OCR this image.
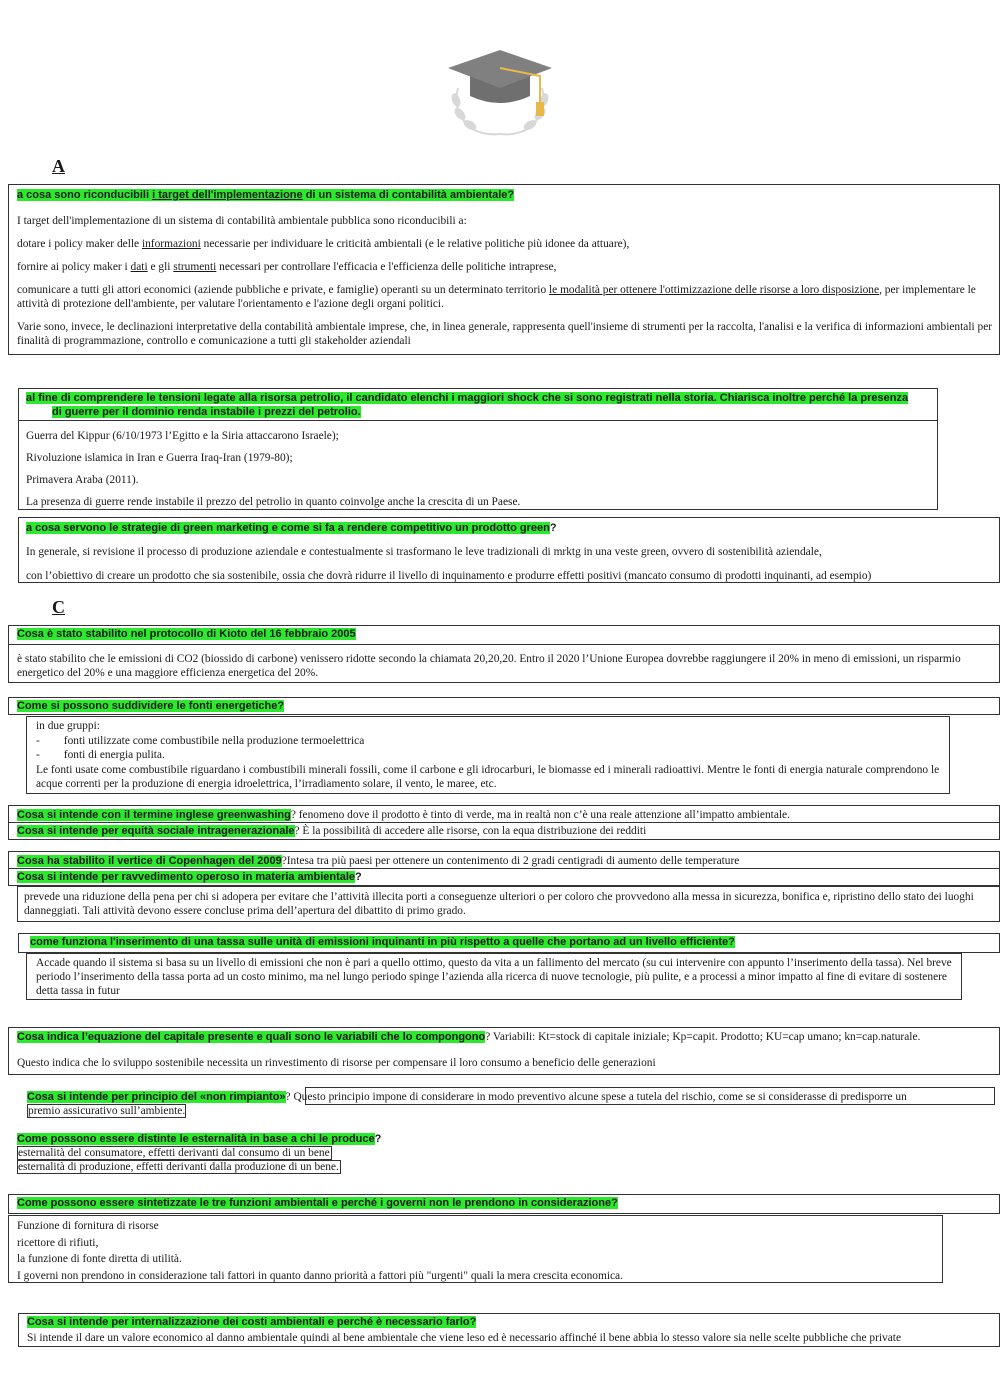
A
a cosa sono riconducibili i target dell'implementazione di un sistema di contabilità ambientale?

I target dell'implementazione di un sistema di contabilità ambientale pubblica sono riconducibili a:

dotare i policy maker delle informazioni necessarie per individuare le criticità ambientali (e le relative politiche più idonee da attuare),

fornire ai policy maker i dati e gli strumenti necessari per controllare l'efficacia e l'efficienza delle politiche intraprese,

comunicare a tutti gli attori economici (aziende pubbliche e private, e famiglie) operanti su un determinato territorio le modalità per ottenere l'ottimizzazione delle risorse a loro disposizione, per implementare le attività di protezione dell'ambiente, per valutare l'orientamento e l'azione degli organi politici.

Varie sono, invece, le declinazioni interpretative della contabilità ambientale imprese, che, in linea generale, rappresenta quell'insieme di strumenti per la raccolta, l'analisi e la verifica di informazioni ambientali per finalità di programmazione, controllo e comunicazione a tutti gli stakeholder aziendali

al fine di comprendere le tensioni legate alla risorsa petrolio, il candidato elenchi i maggiori shock che si sono registrati nella storia. Chiarisca inoltre perché la presenza
di guerre per il dominio renda instabile i prezzi del petrolio.

Guerra del Kippur (6/10/1973 l’Egitto e la Siria attaccarono Israele);

Rivoluzione islamica in Iran e Guerra Iraq-Iran (1979-80);

Primavera Araba (2011).

La presenza di guerre rende instabile il prezzo del petrolio in quanto coinvolge anche la crescita di un Paese.

a cosa servono le strategie di green marketing e come si fa a rendere competitivo un prodotto green?

In generale, si revisione il processo di produzione aziendale e contestualmente si trasformano le leve tradizionali di mrktg in una veste green, ovvero di sostenibilità aziendale,

con l’obiettivo di creare un prodotto che sia sostenibile, ossia che dovrà ridurre il livello di inquinamento e produrre effetti positivi (mancato consumo di prodotti inquinanti, ad esempio)

C
Cosa è stato stabilito nel protocollo di Kioto del 16 febbraio 2005

è stato stabilito che le emissioni di CO2 (biossido di carbone) venissero ridotte secondo la chiamata 20,20,20. Entro il 2020 l’Unione Europea dovrebbe raggiungere il 20% in meno di emissioni, un risparmio energetico del 20% e una maggiore efficienza energetica del 20%.

Come si possono suddividere le fonti energetiche?

in due gruppi:

- fonti utilizzate come combustibile nella produzione termoelettrica

- fonti di energia pulita.

Le fonti usate come combustibile riguardano i combustibili minerali fossili, come il carbone e gli idrocarburi, le biomasse ed i minerali radioattivi. Mentre le fonti di energia naturale comprendono le acque correnti per la produzione di energia idroelettrica, l’irradiamento solare, il vento, le maree, etc.

Cosa si intende con il termine inglese greenwashing? fenomeno dove il prodotto è tinto di verde, ma in realtà non c’è una reale attenzione all’impatto ambientale.
Cosa si intende per equità sociale intragenerazionale? È la possibilità di accedere alle risorse, con la equa distribuzione dei redditi
Cosa ha stabilito il vertice di Copenhagen del 2009?Intesa tra più paesi per ottenere un contenimento di 2 gradi centigradi di aumento delle temperature
Cosa si intende per ravvedimento operoso in materia ambientale?

prevede una riduzione della pena per chi si adopera per evitare che l’attività illecita porti a conseguenze ulteriori o per coloro che provvedono alla messa in sicurezza, bonifica e, ripristino dello stato dei luoghi danneggiati. Tali attività devono essere concluse prima dell’apertura del dibattito di primo grado.

come funziona l'inserimento di una tassa sulle unità di emissioni inquinanti in più rispetto a quelle che portano ad un livello efficiente?

Accade quando il sistema si basa su un livello di emissioni che non è pari a quello ottimo, questo da vita a un fallimento del mercato (su cui intervenire con appunto l’inserimento della tassa). Nel breve periodo l’inserimento della tassa porta ad un costo minimo, ma nel lungo periodo spinge l’azienda alla ricerca di nuove tecnologie, più pulite, e a processi a minor impatto al fine di evitare di sostenere detta tassa in futur

Cosa indica l’equazione del capitale presente e quali sono le variabili che lo compongono? Variabili: Kt=stock di capitale iniziale; Kp=capit. Prodotto; KU=cap umano; kn=cap.naturale.

Questo indica che lo sviluppo sostenibile necessita un rinvestimento di risorse per compensare il loro consumo a beneficio delle generazioni

Cosa si intende per principio del «non rimpianto»? Questo principio impone di considerare in modo preventivo alcune spese a tutela del rischio, come se si considerasse di predisporre un

premio assicurativo sull’ambiente.

Come possono essere distinte le esternalità in base a chi le produce?

esternalità del consumatore, effetti derivanti dal consumo di un bene

esternalità di produzione, effetti derivanti dalla produzione di un bene.

Come possono essere sintetizzate le tre funzioni ambientali e perché i governi non le prendono in considerazione?

Funzione di fornitura di risorse

ricettore di rifiuti,

la funzione di fonte diretta di utilità.

I governi non prendono in considerazione tali fattori in quanto danno priorità a fattori più "urgenti" quali la mera crescita economica.

Cosa si intende per internalizzazione dei costi ambientali e perché è necessario farlo?

Si intende il dare un valore economico al danno ambientale quindi al bene ambientale che viene leso ed è necessario affinché il bene abbia lo stesso valore sia nelle scelte pubbliche che private
